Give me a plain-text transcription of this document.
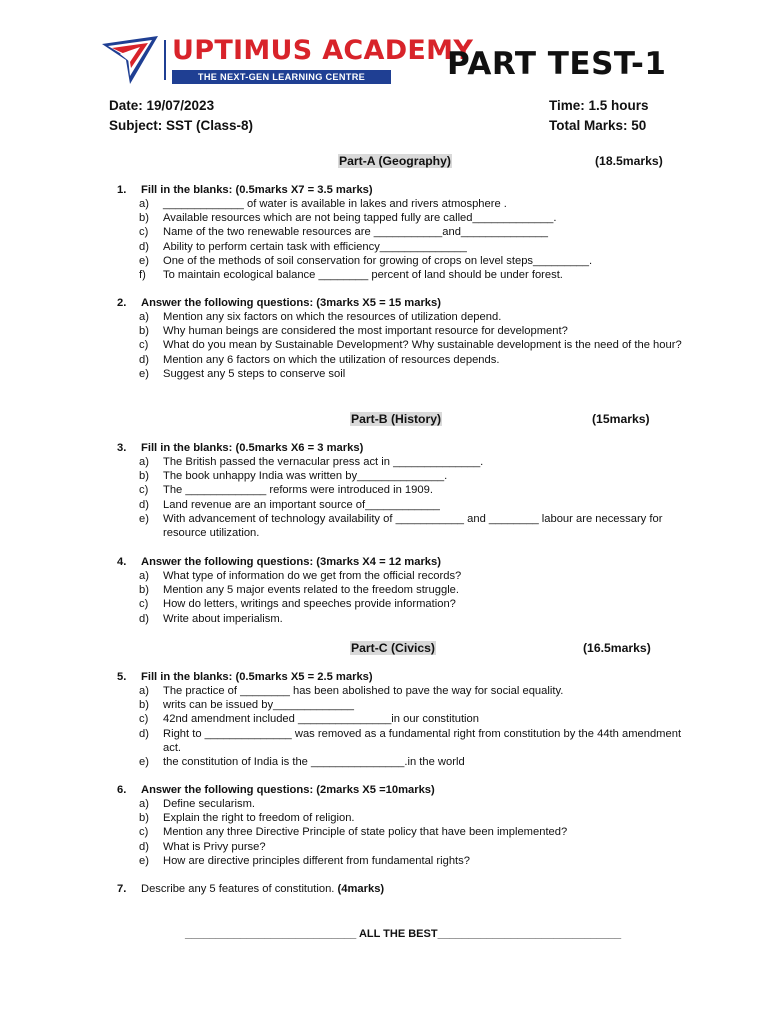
UPTIMUS ACADEMY
THE NEXT-GEN LEARNING CENTRE	PART TEST-1
Date: 19/07/2023	Time: 1.5 hours
Subject: SST (Class-8)	Total Marks: 50
Part-A (Geography)	(18.5marks)
1. Fill in the blanks: (0.5marks X7 = 3.5 marks)
a) _____________ of water is available in lakes and rivers atmosphere .
b) Available resources which are not being tapped fully are called_____________.
c) Name of the two renewable resources are ___________and______________
d) Ability to perform certain task with efficiency______________
e) One of the methods of soil conservation for growing of crops on level steps_________.
f) To maintain ecological balance ________ percent of land should be under forest.
2. Answer the following questions: (3marks X5 = 15 marks)
a) Mention any six factors on which the resources of utilization depend.
b) Why human beings are considered the most important resource for development?
c) What do you mean by Sustainable Development? Why sustainable development is the need of the hour?
d) Mention any 6 factors on which the utilization of resources depends.
e) Suggest any 5 steps to conserve soil
Part-B (History)	(15marks)
3. Fill in the blanks: (0.5marks X6 = 3 marks)
a) The British passed the vernacular press act in ______________.
b) The book unhappy India was written by______________.
c) The _____________ reforms were introduced in 1909.
d) Land revenue are an important source of____________
e) With advancement of technology availability of ___________ and ________ labour are necessary for resource utilization.
4. Answer the following questions: (3marks X4 = 12 marks)
a) What type of information do we get from the official records?
b) Mention any 5 major events related to the freedom struggle.
c) How do letters, writings and speeches provide information?
d) Write about imperialism.
Part-C (Civics)	(16.5marks)
5. Fill in the blanks: (0.5marks X5 = 2.5 marks)
a) The practice of ________ has been abolished to pave the way for social equality.
b) writs can be issued by_____________
c) 42nd amendment included _______________in our constitution
d) Right to ______________ was removed as a fundamental right from constitution by the 44th amendment act.
e) the constitution of India is the _______________.in the world
6. Answer the following questions: (2marks X5 =10marks)
a) Define secularism.
b) Explain the right to freedom of religion.
c) Mention any three Directive Principle of state policy that have been implemented?
d) What is Privy purse?
e) How are directive principles different from fundamental rights?
7. Describe any 5 features of constitution. (4marks)
____________________________ ALL THE BEST______________________________
